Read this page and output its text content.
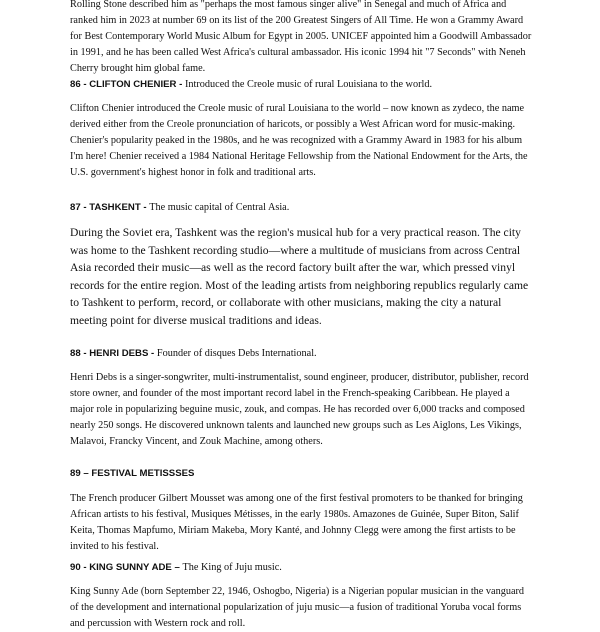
Rolling Stone described him as "perhaps the most famous singer alive" in Senegal and much of Africa and ranked him in 2023 at number 69 on its list of the 200 Greatest Singers of All Time. He won a Grammy Award for Best Contemporary World Music Album for Egypt in 2005. UNICEF appointed him a Goodwill Ambassador in 1991, and he has been called West Africa's cultural ambassador. His iconic 1994 hit "7 Seconds" with Neneh Cherry brought him global fame.

86 - CLIFTON CHENIER - Introduced the Creole music of rural Louisiana to the world.

Clifton Chenier introduced the Creole music of rural Louisiana to the world – now known as zydeco, the name derived either from the Creole pronunciation of haricots, or possibly a West African word for music-making. Chenier's popularity peaked in the 1980s, and he was recognized with a Grammy Award in 1983 for his album I'm here! Chenier received a 1984 National Heritage Fellowship from the National Endowment for the Arts, the U.S. government's highest honor in folk and traditional arts.

87 - TASHKENT - The music capital of Central Asia.

During the Soviet era, Tashkent was the region's musical hub for a very practical reason. The city was home to the Tashkent recording studio—where a multitude of musicians from across Central Asia recorded their music—as well as the record factory built after the war, which pressed vinyl records for the entire region. Most of the leading artists from neighboring republics regularly came to Tashkent to perform, record, or collaborate with other musicians, making the city a natural meeting point for diverse musical traditions and ideas.

88 - HENRI DEBS - Founder of disques Debs International.

Henri Debs is a singer-songwriter, multi-instrumentalist, sound engineer, producer, distributor, publisher, record store owner, and founder of the most important record label in the French-speaking Caribbean. He played a major role in popularizing beguine music, zouk, and compas. He has recorded over 6,000 tracks and composed nearly 250 songs. He discovered unknown talents and launched new groups such as Les Aiglons, Les Vikings, Malavoi, Francky Vincent, and Zouk Machine, among others.

89 – FESTIVAL METISSSES

The French producer Gilbert Mousset was among one of the first festival promoters to be thanked for bringing African artists to his festival, Musiques Métisses, in the early 1980s. Amazones de Guinée, Super Biton, Salif Keita, Thomas Mapfumo, Miriam Makeba, Mory Kanté, and Johnny Clegg were among the first artists to be invited to his festival.

90 - KING SUNNY ADE – The King of Juju music.

King Sunny Ade (born September 22, 1946, Oshogbo, Nigeria) is a Nigerian popular musician in the vanguard of the development and international popularization of juju music—a fusion of traditional Yoruba vocal forms and percussion with Western rock and roll.
